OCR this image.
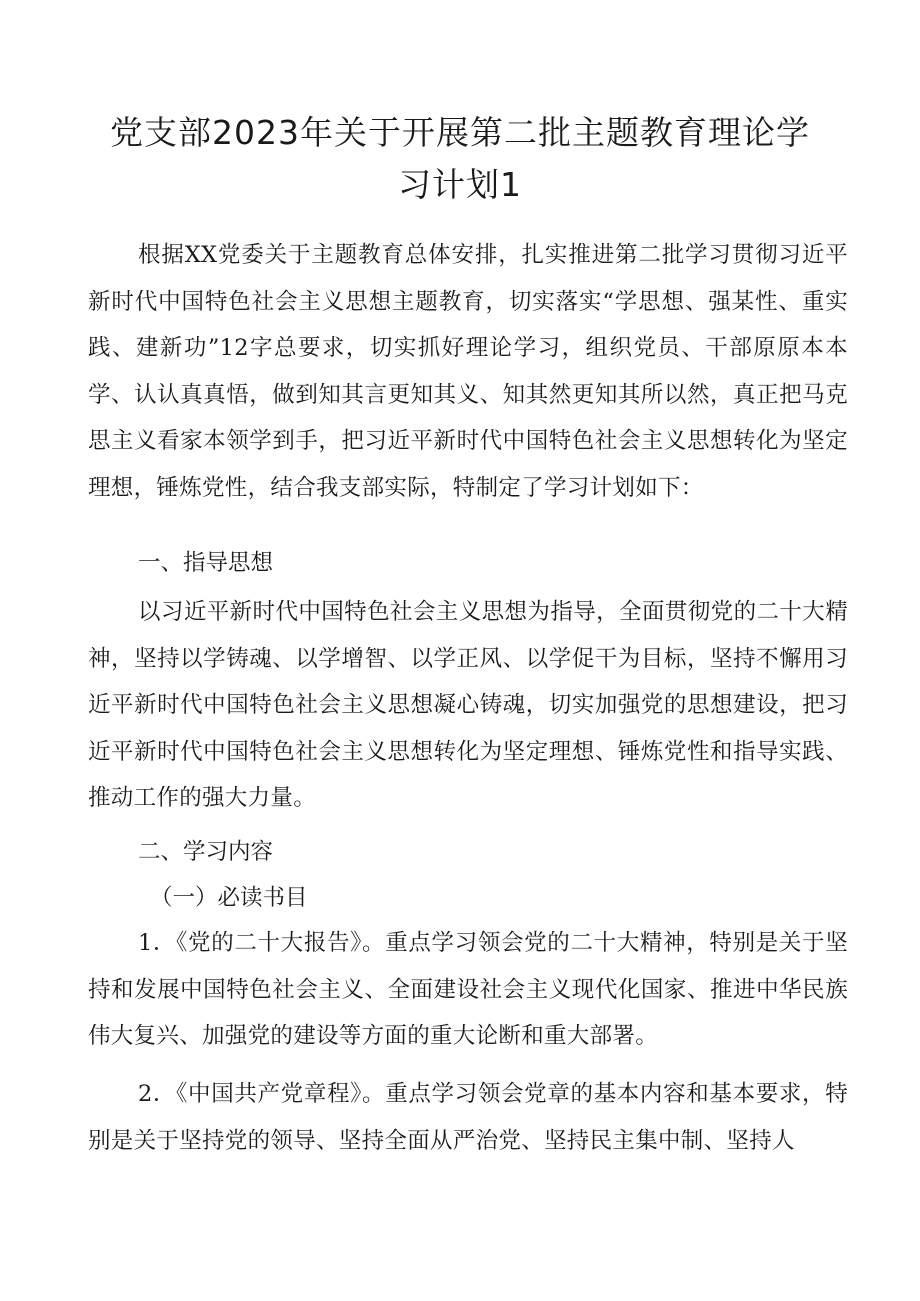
党支部2023年关于开展第二批主题教育理论学
习计划1

根据XX党委关于主题教育总体安排，扎实推进第二批学习贯彻习近平新时代中国特色社会主义思想主题教育，切实落实“学思想、强某性、重实践、建新功”12字总要求，切实抓好理论学习，组织党员、干部原原本本学、认认真真悟，做到知其言更知其义、知其然更知其所以然，真正把马克思主义看家本领学到手，把习近平新时代中国特色社会主义思想转化为坚定理想，锤炼党性，结合我支部实际，特制定了学习计划如下：

一、指导思想

以习近平新时代中国特色社会主义思想为指导，全面贯彻党的二十大精神，坚持以学铸魂、以学增智、以学正风、以学促干为目标，坚持不懈用习近平新时代中国特色社会主义思想凝心铸魂，切实加强党的思想建设，把习近平新时代中国特色社会主义思想转化为坚定理想、锤炼党性和指导实践、推动工作的强大力量。

二、学习内容

（一）必读书目

1．《党的二十大报告》。重点学习领会党的二十大精神，特别是关于坚持和发展中国特色社会主义、全面建设社会主义现代化国家、推进中华民族伟大复兴、加强党的建设等方面的重大论断和重大部署。

2．《中国共产党章程》。重点学习领会党章的基本内容和基本要求，特别是关于坚持党的领导、坚持全面从严治党、坚持民主集中制、坚持人
